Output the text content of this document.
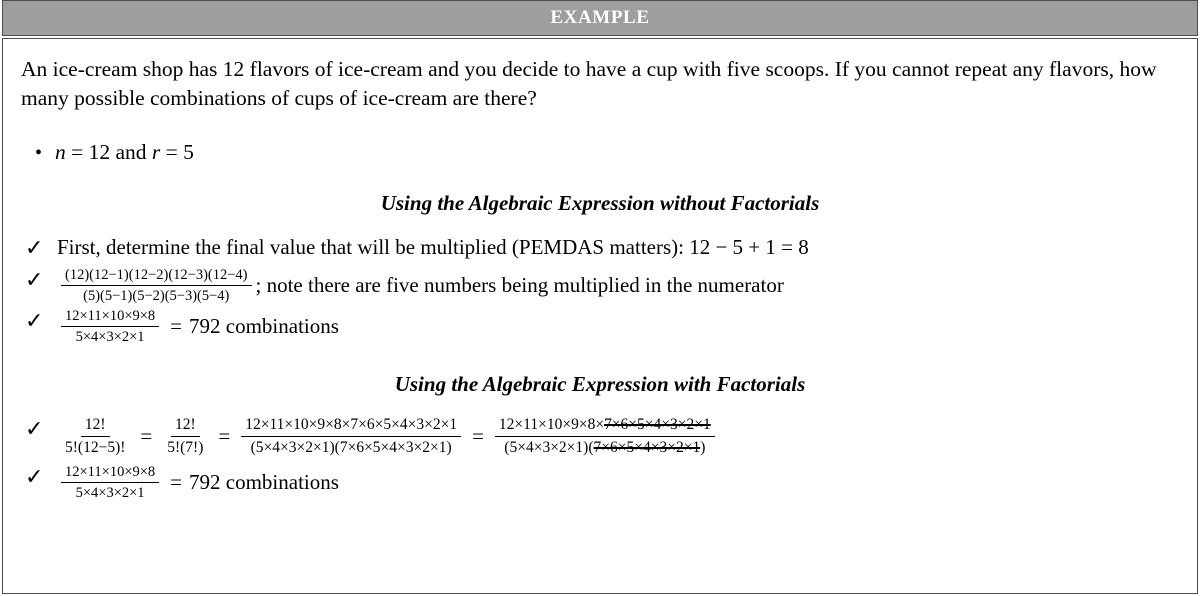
EXAMPLE

An ice-cream shop has 12 flavors of ice-cream and you decide to have a cup with five scoops. If you cannot repeat any flavors, how many possible combinations of cups of ice-cream are there?

• n = 12 and r = 5
Using the Algebraic Expression without Factorials
✓ First, determine the final value that will be multiplied (PEMDAS matters): 12 − 5 + 1 = 8
✓	$\frac{(12)(12-1)(12-2)(12-3)(12-4)}{(5)(5-1)(5-2)(5-3)(5-4)}$ ; note there are five numbers being multiplied in the numerator
✓	$\frac{12\times 11\times 10\times 9\times 8}{5\times 4\times 3\times 2\times 1} = 792$ combinations
Using the Algebraic Expression with Factorials
✓	$\frac{12!}{5!(12-5)!} = \frac{12!}{5!(7!)} = \frac{12\times 11\times 10\times 9\times 8\times 7\times 6\times 5\times 4\times 3\times 2\times 1}{(5\times 4\times 3\times 2\times 1)(7\times 6\times 5\times 4\times 3\times 2\times 1)} = \frac{12\times 11\times 10\times 9\times 8\times 7\times 6\times 5\times 4\times 3\times 2\times 1}{(5\times 4\times 3\times 2\times 1)(7\times 6\times 5\times 4\times 3\times 2\times 1)}$
✓	$\frac{12\times 11\times 10\times 9\times 8}{5\times 4\times 3\times 2\times 1} = 792$ combinations
